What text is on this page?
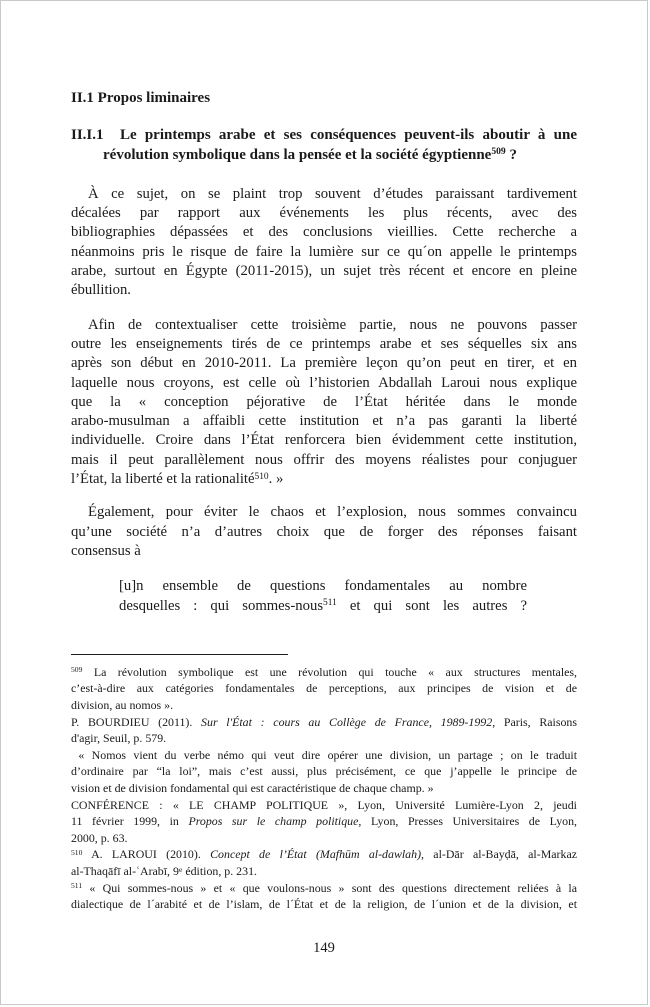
II.1 Propos liminaires

II.I.1  Le printemps arabe et ses conséquences peuvent-ils aboutir à une
révolution symbolique dans la pensée et la société égyptienne$^{509}$ ?
À ce sujet, on se plaint trop souvent d’études paraissant tardivement
décalées par rapport aux événements les plus récents, avec des
bibliographies dépassées et des conclusions vieillies. Cette recherche a
néanmoins pris le risque de faire la lumière sur ce qu´on appelle le printemps
arabe, surtout en Égypte (2011-2015), un sujet très récent et encore en pleine
ébullition.
Afin de contextualiser cette troisième partie, nous ne pouvons passer
outre les enseignements tirés de ce printemps arabe et ses séquelles six ans
après son début en 2010-2011. La première leçon qu’on peut en tirer, et en
laquelle nous croyons, est celle où l’historien Abdallah Laroui nous explique
que la « conception péjorative de l’État héritée dans le monde
arabo-musulman a affaibli cette institution et n’a pas garanti la liberté
individuelle. Croire dans l’État renforcera bien évidemment cette institution,
mais il peut parallèlement nous offrir des moyens réalistes pour conjuguer
l’État, la liberté et la rationalité$^{510}$. »
Également, pour éviter le chaos et l’explosion, nous sommes convaincu
qu’une société n’a d’autres choix que de forger des réponses faisant
consensus à
[u]n ensemble de questions fondamentales au nombre
desquelles : qui sommes-nous$^{511}$ et qui sont les autres ?
$^{509}$ La révolution symbolique est une révolution qui touche « aux structures mentales,
c’est-à-dire aux catégories fondamentales de perceptions, aux principes de vision et de
division, au nomos ».
P. BOURDIEU (2011). Sur l'État : cours au Collège de France, 1989-1992, Paris, Raisons
d'agir, Seuil, p. 579.
« Nomos vient du verbe némo qui veut dire opérer une division, un partage ; on le traduit
d’ordinaire par “la loi”, mais c’est aussi, plus précisément, ce que j’appelle le principe de
vision et de division fondamental qui est caractéristique de chaque champ. »
CONFÉRENCE : « LE CHAMP POLITIQUE », Lyon, Université Lumière-Lyon 2, jeudi
11 février 1999, in Propos sur le champ politique, Lyon, Presses Universitaires de Lyon,
2000, p. 63.
$^{510}$ A. LAROUI (2010). Concept de l’État (Mafhūm al-dawlah), al-Dār al-Bayḍā, al-Markaz
al-Thaqāfī al-ʿArabī, 9e édition, p. 231.
$^{511}$ « Qui sommes-nous » et « que voulons-nous » sont des questions directement reliées à la
dialectique de l´arabité et de l’islam, de l´État et de la religion, de l´union et de la division, et
149
